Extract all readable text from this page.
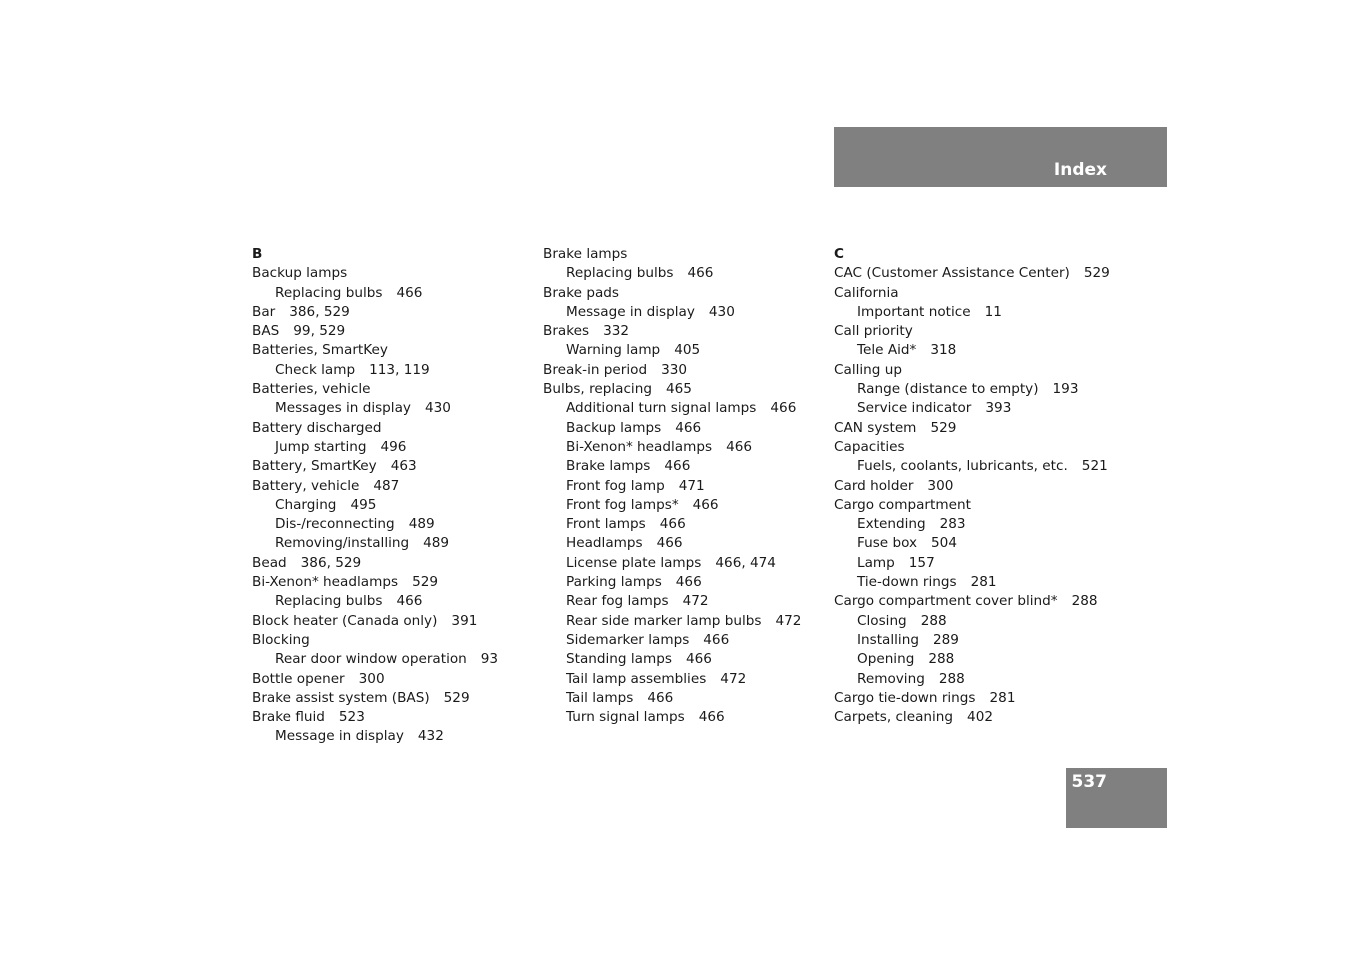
Index
B
Backup lamps
Replacing bulbs 466
Bar 386, 529
BAS 99, 529
Batteries, SmartKey
Check lamp 113, 119
Batteries, vehicle
Messages in display 430
Battery discharged
Jump starting 496
Battery, SmartKey 463
Battery, vehicle 487
Charging 495
Dis-/reconnecting 489
Removing/installing 489
Bead 386, 529
Bi-Xenon* headlamps 529
Replacing bulbs 466
Block heater (Canada only) 391
Blocking
Rear door window operation 93
Bottle opener 300
Brake assist system (BAS) 529
Brake fluid 523
Message in display 432
Brake lamps
Replacing bulbs 466
Brake pads
Message in display 430
Brakes 332
Warning lamp 405
Break-in period 330
Bulbs, replacing 465
Additional turn signal lamps 466
Backup lamps 466
Bi-Xenon* headlamps 466
Brake lamps 466
Front fog lamp 471
Front fog lamps* 466
Front lamps 466
Headlamps 466
License plate lamps 466, 474
Parking lamps 466
Rear fog lamps 472
Rear side marker lamp bulbs 472
Sidemarker lamps 466
Standing lamps 466
Tail lamp assemblies 472
Tail lamps 466
Turn signal lamps 466
C
CAC (Customer Assistance Center) 529
California
Important notice 11
Call priority
Tele Aid* 318
Calling up
Range (distance to empty) 193
Service indicator 393
CAN system 529
Capacities
Fuels, coolants, lubricants, etc. 521
Card holder 300
Cargo compartment
Extending 283
Fuse box 504
Lamp 157
Tie-down rings 281
Cargo compartment cover blind* 288
Closing 288
Installing 289
Opening 288
Removing 288
Cargo tie-down rings 281
Carpets, cleaning 402
537
